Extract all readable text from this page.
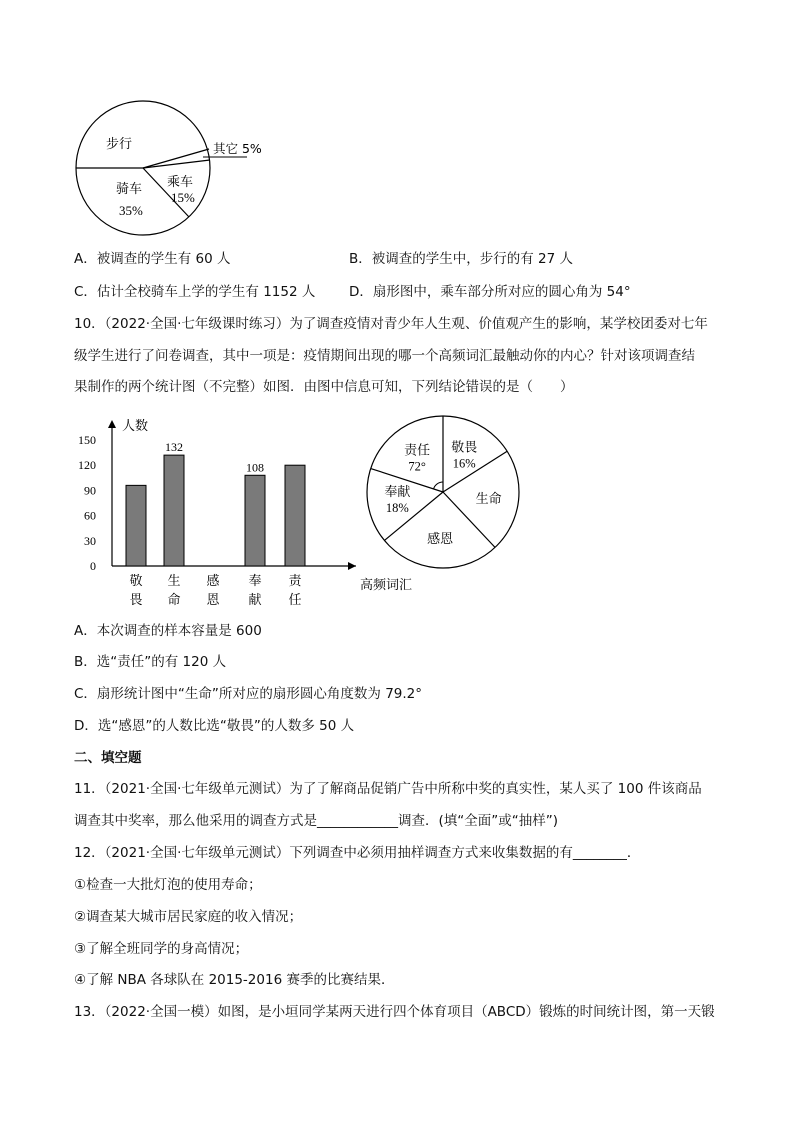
步行	其它 5%
骑车
35%
乘车
15%
A．被调查的学生有 60 人	B．被调查的学生中，步行的有 27 人
C．估计全校骑车上学的学生有 1152 人 D．扇形图中，乘车部分所对应的圆心角为 54°
10．（2022·全国·七年级课时练习）为了调查疫情对青少年人生观、价值观产生的影响，某学校团委对七年
级学生进行了问卷调查，其中一项是：疫情期间出现的哪一个高频词汇最触动你的内心？针对该项调查结
果制作的两个统计图（不完整）如图．由图中信息可知，下列结论错误的是（　　）
人数
高频词汇
0
30
60
90
120
150
敬
畏
生
命
感
恩
奉
献
责
任
132
108
责任
72°
敬畏
16%
生命
感恩
奉献
18%
A．本次调查的样本容量是 600
B．选“责任”的有 120 人
C．扇形统计图中“生命”所对应的扇形圆心角度数为 79.2°
D．选“感恩”的人数比选“敬畏”的人数多 50 人
二、填空题
11．（2021·全国·七年级单元测试）为了了解商品促销广告中所称中奖的真实性，某人买了 100 件该商品
调查其中奖率，那么他采用的调查方式是____________调查．(填“全面”或“抽样”)
12．（2021·全国·七年级单元测试）下列调查中必须用抽样调查方式来收集数据的有________．
①检查一大批灯泡的使用寿命；
②调查某大城市居民家庭的收入情况；
③了解全班同学的身高情况；
④了解 NBA 各球队在 2015-2016 赛季的比赛结果．
13．（2022·全国一模）如图，是小垣同学某两天进行四个体育项目（ABCD）锻炼的时间统计图，第一天锻
